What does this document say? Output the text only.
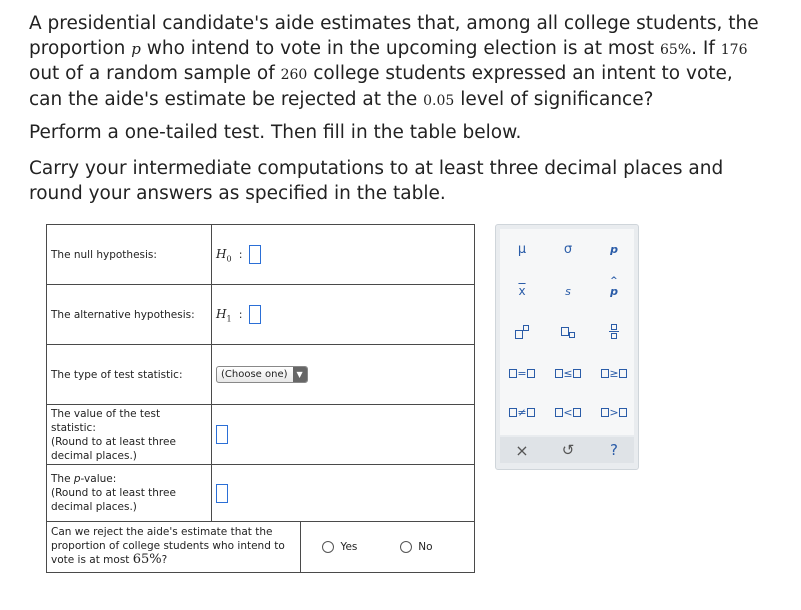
A presidential candidate's aide estimates that, among all college students, the proportion p who intend to vote in the upcoming election is at most 65%. If 176 out of a random sample of 260 college students expressed an intent to vote, can the aide's estimate be rejected at the 0.05 level of significance?
Perform a one-tailed test. Then fill in the table below.
Carry your intermediate computations to at least three decimal places and round your answers as specified in the table.
The null hypothesis:	$H_0$ :
The alternative hypothesis:	$H_1$ :
The type of test statistic:	(Choose one) ▼

The value of the test statistic:
(Round to at least three
decimal places.)	

The p-value:
(Round to at least three
decimal places.)	

Can we reject the aide's estimate that the proportion of college students who intend to vote is at most 65%?
Yes No	
μ	σ	p
$\overline{x}$	s
^
p
=	≤	≥
≠	<	>
× ↺ ?
